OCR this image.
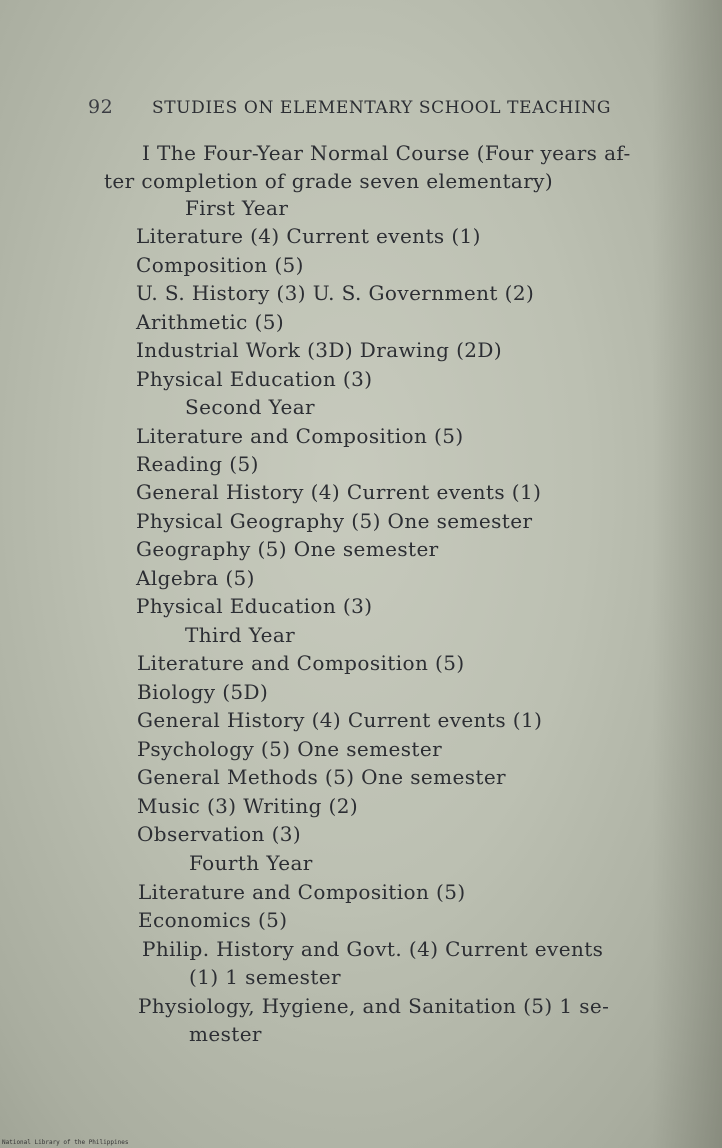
92 STUDIES ON ELEMENTARY SCHOOL TEACHING
I The Four-Year Normal Course (Four years af-
ter completion of grade seven elementary)
First Year
Literature (4) Current events (1)
Composition (5)
U. S. History (3) U. S. Government (2)
Arithmetic (5)
Industrial Work (3D) Drawing (2D)
Physical Education (3)
Second Year
Literature and Composition (5)
Reading (5)
General History (4) Current events (1)
Physical Geography (5) One semester
Geography (5) One semester
Algebra (5)
Physical Education (3)
Third Year
Literature and Composition (5)
Biology (5D)
General History (4) Current events (1)
Psychology (5) One semester
General Methods (5) One semester
Music (3) Writing (2)
Observation (3)
Fourth Year
Literature and Composition (5)
Economics (5)
Philip. History and Govt. (4) Current events
(1) 1 semester
Physiology, Hygiene, and Sanitation (5) 1 se-
mester
National Library of the Philippines
